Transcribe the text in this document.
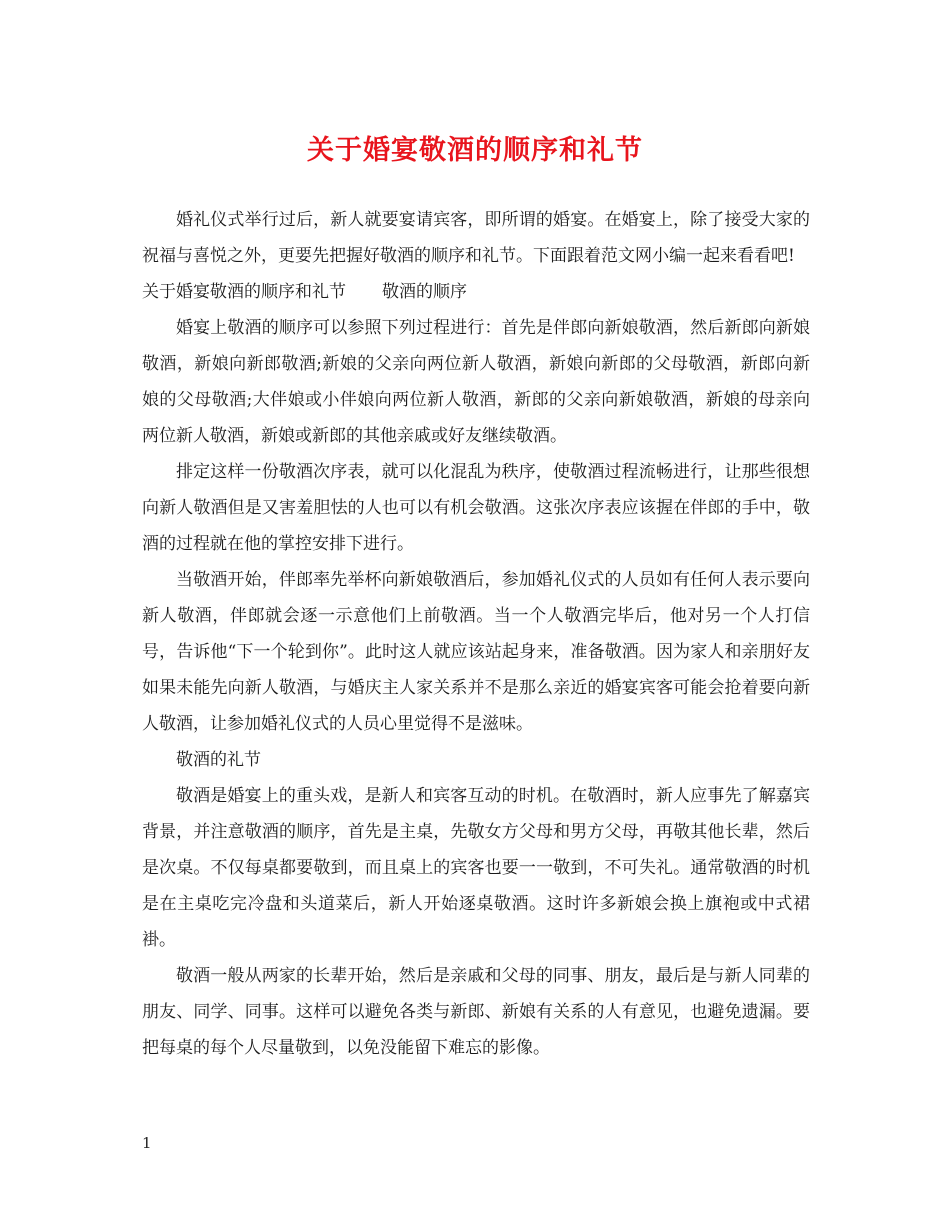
关于婚宴敬酒的顺序和礼节

婚礼仪式举行过后，新人就要宴请宾客，即所谓的婚宴。在婚宴上，除了接受大家的祝福与喜悦之外，更要先把握好敬酒的顺序和礼节。下面跟着范文网小编一起来看看吧!

关于婚宴敬酒的顺序和礼节 敬酒的顺序

婚宴上敬酒的顺序可以参照下列过程进行：首先是伴郎向新娘敬酒，然后新郎向新娘敬酒，新娘向新郎敬酒;新娘的父亲向两位新人敬酒，新娘向新郎的父母敬酒，新郎向新娘的父母敬酒;大伴娘或小伴娘向两位新人敬酒，新郎的父亲向新娘敬酒，新娘的母亲向两位新人敬酒，新娘或新郎的其他亲戚或好友继续敬酒。

排定这样一份敬酒次序表，就可以化混乱为秩序，使敬酒过程流畅进行，让那些很想向新人敬酒但是又害羞胆怯的人也可以有机会敬酒。这张次序表应该握在伴郎的手中，敬酒的过程就在他的掌控安排下进行。

当敬酒开始，伴郎率先举杯向新娘敬酒后，参加婚礼仪式的人员如有任何人表示要向新人敬酒，伴郎就会逐一示意他们上前敬酒。当一个人敬酒完毕后，他对另一个人打信号，告诉他“下一个轮到你”。此时这人就应该站起身来，准备敬酒。因为家人和亲朋好友如果未能先向新人敬酒，与婚庆主人家关系并不是那么亲近的婚宴宾客可能会抢着要向新人敬酒，让参加婚礼仪式的人员心里觉得不是滋味。

敬酒的礼节

敬酒是婚宴上的重头戏，是新人和宾客互动的时机。在敬酒时，新人应事先了解嘉宾背景，并注意敬酒的顺序，首先是主桌，先敬女方父母和男方父母，再敬其他长辈，然后是次桌。不仅每桌都要敬到，而且桌上的宾客也要一一敬到，不可失礼。通常敬酒的时机是在主桌吃完冷盘和头道菜后，新人开始逐桌敬酒。这时许多新娘会换上旗袍或中式裙褂。

敬酒一般从两家的长辈开始，然后是亲戚和父母的同事、朋友，最后是与新人同辈的朋友、同学、同事。这样可以避免各类与新郎、新娘有关系的人有意见，也避免遗漏。要把每桌的每个人尽量敬到，以免没能留下难忘的影像。

1
